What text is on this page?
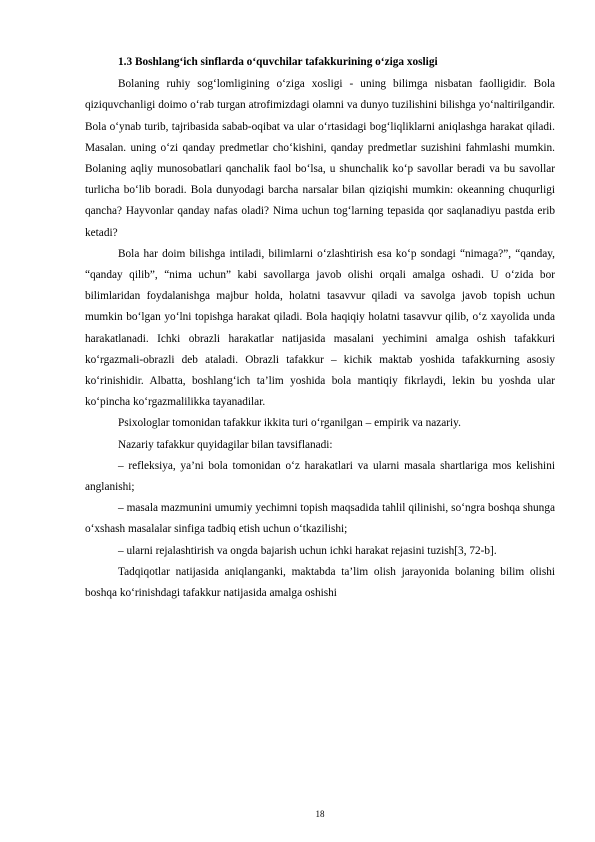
1.3 Boshlang‘ich sinflarda o‘quvchilar tafakkurining o‘ziga xosligi

Bolaning ruhiy sog‘lomligining o‘ziga xosligi - uning bilimga nisbatan faolligidir. Bola qiziquvchanligi doimo o‘rab turgan atrofimizdagi olamni va dunyo tuzilishini bilishga yo‘naltirilgandir. Bola o‘ynab turib, tajribasida sabab-oqibat va ular o‘rtasidagi bog‘liqliklarni aniqlashga harakat qiladi. Masalan. uning o‘zi qanday predmetlar cho‘kishini, qanday predmetlar suzishini fahmlashi mumkin. Bolaning aqliy munosobatlari qanchalik faol bo‘lsa, u shunchalik ko‘p savollar beradi va bu savollar turlicha bo‘lib boradi. Bola dunyodagi barcha narsalar bilan qiziqishi mumkin: okeanning chuqurligi qancha? Hayvonlar qanday nafas oladi? Nima uchun tog‘larning tepasida qor saqlanadiyu pastda erib ketadi?

Bola har doim bilishga intiladi, bilimlarni o‘zlashtirish esa ko‘p sondagi “nimaga?”, “qanday, “qanday qilib”, “nima uchun” kabi savollarga javob olishi orqali amalga oshadi. U o‘zida bor bilimlaridan foydalanishga majbur holda, holatni tasavvur qiladi va savolga javob topish uchun mumkin bo‘lgan yo‘lni topishga harakat qiladi. Bola haqiqiy holatni tasavvur qilib, o‘z xayolida unda harakatlanadi. Ichki obrazli harakatlar natijasida masalani yechimini amalga oshish tafakkuri ko‘rgazmali-obrazli deb ataladi. Obrazli tafakkur – kichik maktab yoshida tafakkurning asosiy ko‘rinishidir. Albatta, boshlang‘ich ta’lim yoshida bola mantiqiy fikrlaydi, lekin bu yoshda ular ko‘pincha ko‘rgazmalilikka tayanadilar.

Psixologlar tomonidan tafakkur ikkita turi o‘rganilgan – empirik va nazariy.

Nazariy tafakkur quyidagilar bilan tavsiflanadi:

– refleksiya, ya’ni bola tomonidan o‘z harakatlari va ularni masala shartlariga mos kelishini anglanishi;

– masala mazmunini umumiy yechimni topish maqsadida tahlil qilinishi, so‘ngra boshqa shunga o‘xshash masalalar sinfiga tadbiq etish uchun o‘tkazilishi;

– ularni rejalashtirish va ongda bajarish uchun ichki harakat rejasini tuzish[3, 72-b].

Tadqiqotlar natijasida aniqlanganki, maktabda ta’lim olish jarayonida bolaning bilim olishi boshqa ko‘rinishdagi tafakkur natijasida amalga oshishi

18
